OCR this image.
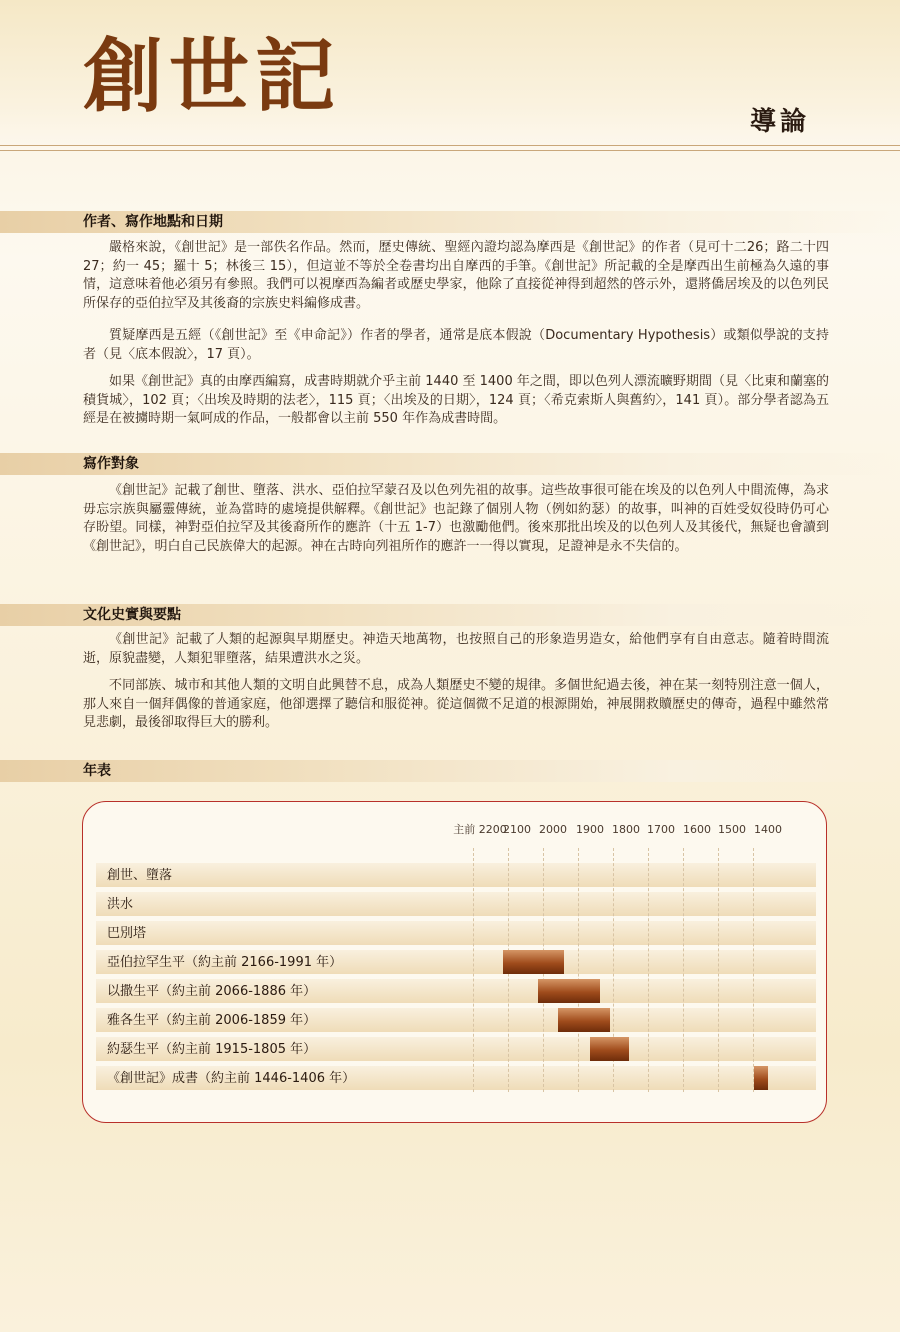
創世記	導論
作者、寫作地點和日期

嚴格來說，《創世記》是一部佚名作品。然而，歷史傳統、聖經內證均認為摩西是《創世記》的作者（見可十二26；路二十四 27；約一 45；羅十 5；林後三 15），但這並不等於全卷書均出自摩西的手筆。《創世記》所記載的全是摩西出生前極為久遠的事情，這意味着他必須另有參照。我們可以視摩西為編者或歷史學家，他除了直接從神得到超然的啓示外，還將僑居埃及的以色列民所保存的亞伯拉罕及其後裔的宗族史料編修成書。

質疑摩西是五經（《創世記》至《申命記》）作者的學者，通常是底本假說（Documentary Hypothesis）或類似學說的支持者（見〈底本假說〉，17 頁）。

如果《創世記》真的由摩西編寫，成書時期就介乎主前 1440 至 1400 年之間，即以色列人漂流曠野期間（見〈比東和蘭塞的積貨城〉，102 頁；〈出埃及時期的法老〉，115 頁；〈出埃及的日期〉，124 頁；〈希克索斯人與舊約〉，141 頁）。部分學者認為五經是在被擄時期一氣呵成的作品，一般都會以主前 550 年作為成書時間。

寫作對象

《創世記》記載了創世、墮落、洪水、亞伯拉罕蒙召及以色列先祖的故事。這些故事很可能在埃及的以色列人中間流傳，為求毋忘宗族與屬靈傳統，並為當時的處境提供解釋。《創世記》也記錄了個別人物（例如約瑟）的故事，叫神的百姓受奴役時仍可心存盼望。同樣，神對亞伯拉罕及其後裔所作的應許（十五 1-7）也激勵他們。後來那批出埃及的以色列人及其後代，無疑也會讀到《創世記》，明白自己民族偉大的起源。神在古時向列祖所作的應許一一得以實現，足證神是永不失信的。

文化史實與要點

《創世記》記載了人類的起源與早期歷史。神造天地萬物，也按照自己的形象造男造女，給他們享有自由意志。隨着時間流逝，原貌盡變，人類犯罪墮落，結果遭洪水之災。

不同部族、城市和其他人類的文明自此興替不息，成為人類歷史不變的規律。多個世紀過去後，神在某一刻特別注意一個人，那人來自一個拜偶像的普通家庭，他卻選擇了聽信和服從神。從這個微不足道的根源開始，神展開救贖歷史的傳奇，過程中雖然常見悲劇，最後卻取得巨大的勝利。

年表
主前 2200
2100 2000 1900 1800 1700 1600 1500 1400
創世、墮落
洪水
巴別塔
亞伯拉罕生平（約主前 2166-1991 年）
以撒生平（約主前 2066-1886 年）
雅各生平（約主前 2006-1859 年）
約瑟生平（約主前 1915-1805 年）
《創世記》成書（約主前 1446-1406 年）
